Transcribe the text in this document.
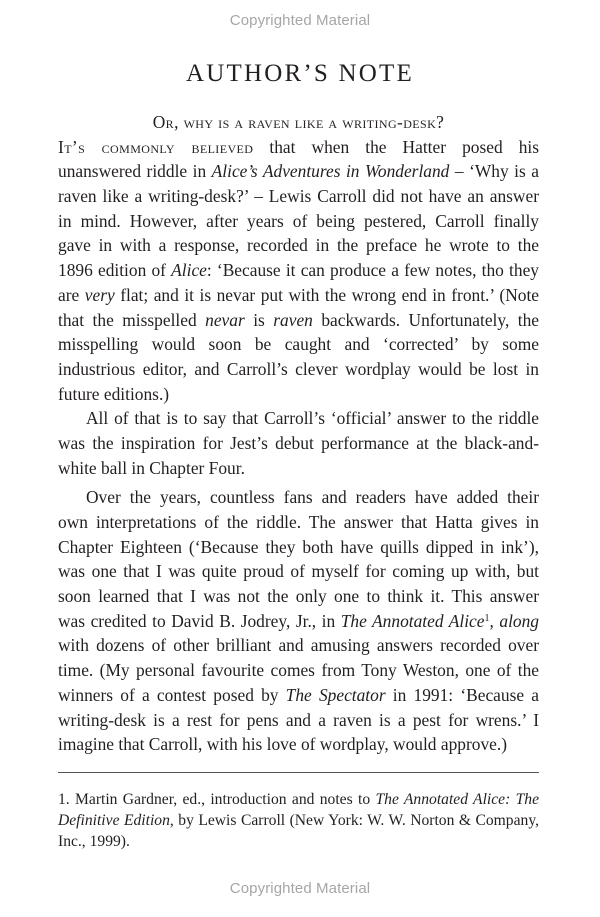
Copyrighted Material
AUTHOR’S NOTE
Or, why is a raven like a writing-desk?
It’s commonly believed that when the Hatter posed his
unanswered riddle in Alice’s Adventures in Wonderland – ‘Why is a
raven like a writing-desk?’ – Lewis Carroll did not have an answer
in mind. However, after years of being pestered, Carroll finally
gave in with a response, recorded in the preface he wrote to the
1896 edition of Alice: ‘Because it can produce a few notes, tho they
are very flat; and it is nevar put with the wrong end in front.’ (Note
that the misspelled nevar is raven backwards. Unfortunately, the
misspelling would soon be caught and ‘corrected’ by some
industrious editor, and Carroll’s clever wordplay would be lost in
future editions.)
All of that is to say that Carroll’s ‘official’ answer to the riddle
was the inspiration for Jest’s debut performance at the black-and-
white ball in Chapter Four.
Over the years, countless fans and readers have added their
own interpretations of the riddle. The answer that Hatta gives in
Chapter Eighteen (‘Because they both have quills dipped in ink’),
was one that I was quite proud of myself for coming up with, but
soon learned that I was not the only one to think it. This answer
was credited to David B. Jodrey, Jr., in The Annotated Alice$^1$, along
with dozens of other brilliant and amusing answers recorded over
time. (My personal favourite comes from Tony Weston, one of the
winners of a contest posed by The Spectator in 1991: ‘Because a
writing-desk is a rest for pens and a raven is a pest for wrens.’ I
imagine that Carroll, with his love of wordplay, would approve.)
1. Martin Gardner, ed., introduction and notes to The Annotated Alice: The
Definitive Edition, by Lewis Carroll (New York: W. W. Norton & Company,
Inc., 1999).
Copyrighted Material
